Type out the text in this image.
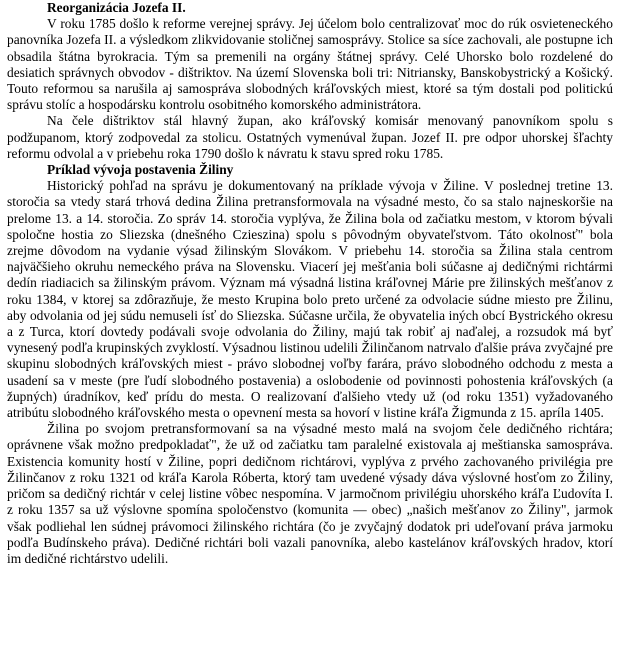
Reorganizácia Jozefa II.

V roku 1785 došlo k reforme verejnej správy. Jej účelom bolo centralizovať moc do rúk osvieteneckého panovníka Jozefa II. a výsledkom zlikvidovanie stoličnej samosprávy. Stolice sa síce zachovali, ale postupne ich obsadila štátna byrokracia. Tým sa premenili na orgány štátnej správy. Celé Uhorsko bolo rozdelené do desiatich správnych obvodov - dištriktov. Na území Slovenska boli tri: Nitriansky, Banskobystrický a Košický. Touto reformou sa narušila aj samospráva slobodných kráľovských miest, ktoré sa tým dostali pod politickú správu stolíc a hospodársku kontrolu osobitného komorského administrátora.

Na čele dištriktov stál hlavný župan, ako kráľovský komisár menovaný panovníkom spolu s podžupanom, ktorý zodpovedal za stolicu. Ostatných vymenúval župan. Jozef II. pre odpor uhorskej šľachty reformu odvolal a v priebehu roka 1790 došlo k návratu k stavu spred roku 1785.

Príklad vývoja postavenia Žiliny

Historický pohľad na správu je dokumentovaný na príklade vývoja v Žiline. V poslednej tretine 13. storočia sa vtedy stará trhová dedina Žilina pretransformovala na výsadné mesto, čo sa stalo najneskoršie na prelome 13. a 14. storočia. Zo správ 14. storočia vyplýva, že Žilina bola od začiatku mestom, v ktorom bývali spoločne hostia zo Sliezska (dnešného Czieszina) spolu s pôvodným obyvateľstvom. Táto okolnosť" bola zrejme dôvodom na vydanie výsad žilinským Slovákom. V priebehu 14. storočia sa Žilina stala centrom najväčšieho okruhu nemeckého práva na Slovensku. Viacerí jej mešťania boli súčasne aj dedičnými richtármi dedín riadiacich sa žilinským právom. Význam má výsadná listina kráľovnej Márie pre žilinských mešťanov z roku 1384, v ktorej sa zdôrazňuje, že mesto Krupina bolo preto určené za odvolacie súdne miesto pre Žilinu, aby odvolania od jej súdu nemuseli ísť do Sliezska. Súčasne určila, že obyvatelia iných obcí Bystrického okresu a z Turca, ktorí dovtedy podávali svoje odvolania do Žiliny, majú tak robiť aj naďalej, a rozsudok má byť vynesený podľa krupinských zvyklostí. Výsadnou listinou udelili Žilinčanom natrvalo ďalšie práva zvyčajné pre skupinu slobodných kráľovských miest - právo slobodnej voľby farára, právo slobodného odchodu z mesta a usadení sa v meste (pre ľudí slobodného postavenia) a oslobodenie od povinnosti pohostenia kráľovských (a župných) úradníkov, keď prídu do mesta. O realizovaní ďalšieho vtedy už (od roku 1351) vyžadovaného atribútu slobodného kráľovského mesta o opevnení mesta sa hovorí v listine kráľa Žigmunda z 15. apríla 1405.

Žilina po svojom pretransformovaní sa na výsadné mesto malá na svojom čele dedičného richtára; oprávnene však možno predpokladať", že už od začiatku tam paralelné existovala aj meštianska samospráva. Existencia komunity hostí v Žiline, popri dedičnom richtárovi, vyplýva z prvého zachovaného privilégia pre Žilinčanov z roku 1321 od kráľa Karola Róberta, ktorý tam uvedené výsady dáva výslovné hosťom zo Žiliny, pričom sa dedičný richtár v celej listine vôbec nespomína. V jarmočnom privilégiu uhorského kráľa Ľudovíta I. z roku 1357 sa už výslovne spomína spoločenstvo (komunita — obec) „našich mešťanov zo Žiliny", jarmok však podliehal len súdnej právomoci žilinského richtára (čo je zvyčajný dodatok pri udeľovaní práva jarmoku podľa Budínskeho práva). Dedičné richtári boli vazali panovníka, alebo kastelánov kráľovských hradov, ktorí im dedičné richtárstvo udelili.
